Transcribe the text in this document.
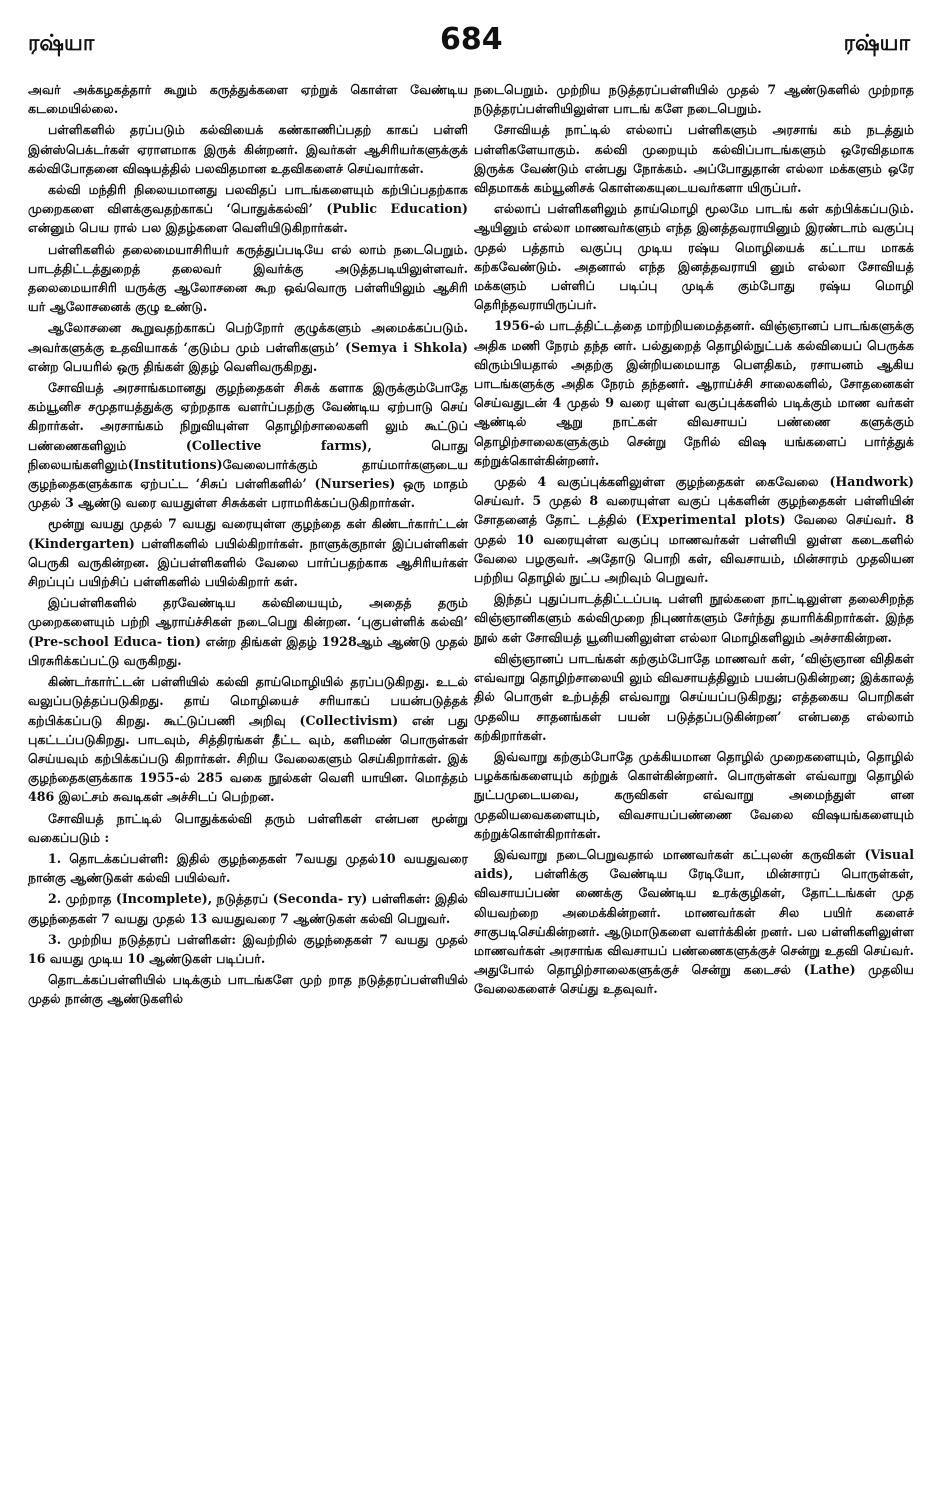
ரஷ்யா	684	ரஷ்யா

அவர் அக்கழகத்தார் கூறும் கருத்துக்களை ஏற்றுக் கொள்ள வேண்டிய கடமையில்லை.

பள்ளிகளில் தரப்படும் கல்வியைக் கண்காணிப்பதற் காகப் பள்ளி இன்ஸ்பெக்டர்கள் ஏராளமாக இருக் கின்றனர். இவர்கள் ஆசிரியர்களுக்குக் கல்விபோதனை விஷயத்தில் பலவிதமான உதவிகளைச் செய்வார்கள்.

கல்வி மந்திரி நிலையமானது பலவிதப் பாடங்களையும் கற்பிப்பதற்காக முறைகளை விளக்குவதற்காகப் ‘பொதுக்கல்வி’ (Public Education) என்னும் பெய ரால் பல இதழ்களை வெளியிடுகிறார்கள்.

பள்ளிகளில் தலைமையாசிரியர் கருத்துப்படியே எல் லாம் நடைபெறும். பாடத்திட்டத்துறைத் தலைவர் இவர்க்கு அடுத்தபடியிலுள்ளவர். தலைமையாசிரி யருக்கு ஆலோசனை கூற ஒவ்வொரு பள்ளியிலும் ஆசிரி யர் ஆலோசனைக் குழு உண்டு.

ஆலோசனை கூறுவதற்காகப் பெற்றோர் குழுக்களும் அமைக்கப்படும். அவர்களுக்கு உதவியாகக் ‘குடும்ப மும் பள்ளிகளும்’ (Semya i Shkola) என்ற பெயரில் ஒரு திங்கள் இதழ் வெளிவருகிறது.

சோவியத் அரசாங்கமானது குழந்தைகள் சிசுக் களாக இருக்கும்போதே கம்யூனிச சமுதாயத்துக்கு ஏற்றதாக வளர்ப்பதற்கு வேண்டிய ஏற்பாடு செய் கிறார்கள். அரசாங்கம் நிறுவியுள்ள தொழிற்சாலைகளி லும் கூட்டுப் பண்ணைகளிலும் (Collective farms), பொது நிலையங்களிலும்(Institutions)வேலைபார்க்கும் தாய்மார்களுடைய குழந்தைகளுக்காக ஏற்பட்ட ‘சிசுப் பள்ளிகளில்’ (Nurseries) ஒரு மாதம் முதல் 3 ஆண்டு வரை வயதுள்ள சிசுக்கள் பராமரிக்கப்படுகிறார்கள்.

மூன்று வயது முதல் 7 வயது வரையுள்ள குழந்தை கள் கிண்டர்கார்ட்டன் (Kindergarten) பள்ளிகளில் பயில்கிறார்கள். நாளுக்குநாள் இப்பள்ளிகள் பெருகி வருகின்றன. இப்பள்ளிகளில் வேலை பார்ப்பதற்காக ஆசிரியர்கள் சிறப்புப் பயிற்சிப் பள்ளிகளில் பயில்கிறார் கள்.

இப்பள்ளிகளில் தரவேண்டிய கல்வியையும், அதைத் தரும் முறைகளையும் பற்றி ஆராய்ச்சிகள் நடைபெறு கின்றன. ‘புகுபள்ளிக் கல்வி’ (Pre-school Educa- tion) என்ற திங்கள் இதழ் 1928ஆம் ஆண்டு முதல் பிரசுரிக்கப்பட்டு வருகிறது.

கிண்டர்கார்ட்டன் பள்ளியில் கல்வி தாய்மொழியில் தரப்படுகிறது. உடல் வலுப்படுத்தப்படுகிறது. தாய் மொழியைச் சரியாகப் பயன்படுத்தக் கற்பிக்கப்படு கிறது. கூட்டுப்பணி அறிவு (Collectivism) என் பது புகட்டப்படுகிறது. பாடவும், சித்திரங்கள் தீட்ட வும், களிமண் பொருள்கள் செய்யவும் கற்பிக்கப்படு கிறார்கள். சிறிய வேலைகளும் செய்கிறார்கள். இக் குழந்தைகளுக்காக 1955-ல் 285 வகை நூல்கள் வெளி யாயின. மொத்தம் 486 இலட்சம் சுவடிகள் அச்சிடப் பெற்றன.

சோவியத் நாட்டில் பொதுக்கல்வி தரும் பள்ளிகள் என்பன மூன்று வகைப்படும் :

1. தொடக்கப்பள்ளி: இதில் குழந்தைகள் 7வயது முதல்10 வயதுவரை நான்கு ஆண்டுகள் கல்வி பயில்வர்.

2. முற்றாத (Incomplete), நடுத்தரப் (Seconda- ry) பள்ளிகள்: இதில் குழந்தைகள் 7 வயது முதல் 13 வயதுவரை 7 ஆண்டுகள் கல்வி பெறுவர்.

3. முற்றிய நடுத்தரப் பள்ளிகள்: இவற்றில் குழந்தைகள் 7 வயது முதல் 16 வயது முடிய 10 ஆண்டுகள் படிப்பர்.

தொடக்கப்பள்ளியில் படிக்கும் பாடங்களே முற் றாத நடுத்தரப்பள்ளியில் முதல் நான்கு ஆண்டுகளில்

நடைபெறும். முற்றிய நடுத்தரப்பள்ளியில் முதல் 7 ஆண்டுகளில் முற்றாத நடுத்தரப்பள்ளியிலுள்ள பாடங் களே நடைபெறும்.

சோவியத் நாட்டில் எல்லாப் பள்ளிகளும் அரசாங் கம் நடத்தும் பள்ளிகளேயாகும். கல்வி முறையும் கல்விப்பாடங்களும் ஒரேவிதமாக இருக்க வேண்டும் என்பது நோக்கம். அப்போதுதான் எல்லா மக்களும் ஒரே விதமாகக் கம்யூனிசக் கொள்கையுடையவர்களா யிருப்பர்.

எல்லாப் பள்ளிகளிலும் தாய்மொழி மூலமே பாடங் கள் கற்பிக்கப்படும். ஆயினும் எல்லா மாணவர்களும் எந்த இனத்தவராயினும் இரண்டாம் வகுப்பு முதல் பத்தாம் வகுப்பு முடிய ரஷ்ய மொழியைக் கட்டாய மாகக் கற்கவேண்டும். அதனால் எந்த இனத்தவராயி னும் எல்லா சோவியத் மக்களும் பள்ளிப் படிப்பு முடிக் கும்போது ரஷ்ய மொழி தெரிந்தவராயிருப்பர்.

1956-ல் பாடத்திட்டத்தை மாற்றியமைத்தனர். விஞ்ஞானப் பாடங்களுக்கு அதிக மணி நேரம் தந்த னர். பல்துறைத் தொழில்நுட்பக் கல்வியைப் பெருக்க விரும்பியதால் அதற்கு இன்றியமையாத பௌதிகம், ரசாயனம் ஆகிய பாடங்களுக்கு அதிக நேரம் தந்தனர். ஆராய்ச்சி சாலைகளில், சோதனைகள் செய்வதுடன் 4 முதல் 9 வரை யுள்ள வகுப்புக்களில் படிக்கும் மாண வர்கள் ஆண்டில் ஆறு நாட்கள் விவசாயப் பண்ணை களுக்கும் தொழிற்சாலைகளுக்கும் சென்று நேரில் விஷ யங்களைப் பார்த்துக் கற்றுக்கொள்கின்றனர்.

முதல் 4 வகுப்புக்களிலுள்ள குழந்தைகள் கைவேலை (Handwork) செய்வர். 5 முதல் 8 வரையுள்ள வகுப் புக்களின் குழந்தைகள் பள்ளியின் சோதனைத் தோட் டத்தில் (Experimental plots) வேலை செய்வர். 8 முதல் 10 வரையுள்ள வகுப்பு மாணவர்கள் பள்ளியி லுள்ள கடைகளில் வேலை பழகுவர். அதோடு பொறி கள், விவசாயம், மின்சாரம் முதலியன பற்றிய தொழில் நுட்ப அறிவும் பெறுவர்.

இந்தப் புதுப்பாடத்திட்டப்படி பள்ளி நூல்களை நாட்டிலுள்ள தலைசிறந்த விஞ்ஞானிகளும் கல்விமுறை நிபுணர்களும் சேர்ந்து தயாரிக்கிறார்கள். இந்த நூல் கள் சோவியத் யூனியனிலுள்ள எல்லா மொழிகளிலும் அச்சாகின்றன.

விஞ்ஞானப் பாடங்கள் கற்கும்போதே மாணவர் கள், ‘விஞ்ஞான விதிகள் எவ்வாறு தொழிற்சாலையி லும் விவசாயத்திலும் பயன்படுகின்றன; இக்காலத் தில் பொருள் உற்பத்தி எவ்வாறு செய்யப்படுகிறது; எத்தகைய பொறிகள் முதலிய சாதனங்கள் பயன் படுத்தப்படுகின்றன’ என்பதை எல்லாம் கற்கிறார்கள்.

இவ்வாறு கற்கும்போதே முக்கியமான தொழில் முறைகளையும், தொழில் பழக்கங்களையும் கற்றுக் கொள்கின்றனர். பொருள்கள் எவ்வாறு தொழில் நுட்பமுடையவை, கருவிகள் எவ்வாறு அமைந்துள் ளன முதலியவைகளையும், விவசாயப்பண்ணை வேலை விஷயங்களையும் கற்றுக்கொள்கிறார்கள்.

இவ்வாறு நடைபெறுவதால் மாணவர்கள் கட்புலன் கருவிகள் (Visual aids), பள்ளிக்கு வேண்டிய ரேடியோ, மின்சாரப் பொருள்கள், விவசாயப்பண் ணைக்கு வேண்டிய உரக்குழிகள், தோட்டங்கள் முத லியவற்றை அமைக்கின்றனர். மாணவர்கள் சில பயிர் களைச் சாகுபடிசெய்கின்றனர். ஆடுமாடுகளை வளர்க்கின் றனர். பல பள்ளிகளிலுள்ள மாணவர்கள் அரசாங்க விவசாயப் பண்ணைகளுக்குச் சென்று உதவி செய்வர். அதுபோல் தொழிற்சாலைகளுக்குச் சென்று கடைசல் (Lathe) முதலிய வேலைகளைச் செய்து உதவுவர்.
